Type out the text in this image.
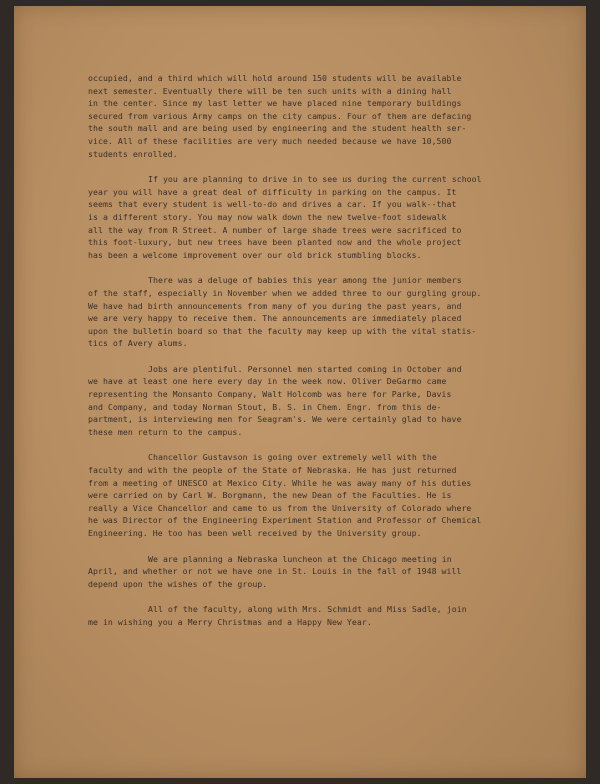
occupied, and a third which will hold around 150 students will be available
next semester. Eventually there will be ten such units with a dining hall
in the center. Since my last letter we have placed nine temporary buildings
secured from various Army camps on the city campus. Four of them are defacing
the south mall and are being used by engineering and the student health ser-
vice. All of these facilities are very much needed because we have 10,500
students enrolled.
If you are planning to drive in to see us during the current school
year you will have a great deal of difficulty in parking on the campus. It
seems that every student is well-to-do and drives a car. If you walk--that
is a different story. You may now walk down the new twelve-foot sidewalk
all the way from R Street. A number of large shade trees were sacrificed to
this foot-luxury, but new trees have been planted now and the whole project
has been a welcome improvement over our old brick stumbling blocks.
There was a deluge of babies this year among the junior members
of the staff, especially in November when we added three to our gurgling group.
We have had birth announcements from many of you during the past years, and
we are very happy to receive them. The announcements are immediately placed
upon the bulletin board so that the faculty may keep up with the vital statis-
tics of Avery alums.
Jobs are plentiful. Personnel men started coming in October and
we have at least one here every day in the week now. Oliver DeGarmo came
representing the Monsanto Company, Walt Holcomb was here for Parke, Davis
and Company, and today Norman Stout, B. S. in Chem. Engr. from this de-
partment, is interviewing men for Seagram's. We were certainly glad to have
these men return to the campus.
Chancellor Gustavson is going over extremely well with the
faculty and with the people of the State of Nebraska. He has just returned
from a meeting of UNESCO at Mexico City. While he was away many of his duties
were carried on by Carl W. Borgmann, the new Dean of the Faculties. He is
really a Vice Chancellor and came to us from the University of Colorado where
he was Director of the Engineering Experiment Station and Professor of Chemical
Engineering. He too has been well received by the University group.
We are planning a Nebraska luncheon at the Chicago meeting in
April, and whether or not we have one in St. Louis in the fall of 1948 will
depend upon the wishes of the group.
All of the faculty, along with Mrs. Schmidt and Miss Sadle, join
me in wishing you a Merry Christmas and a Happy New Year.
